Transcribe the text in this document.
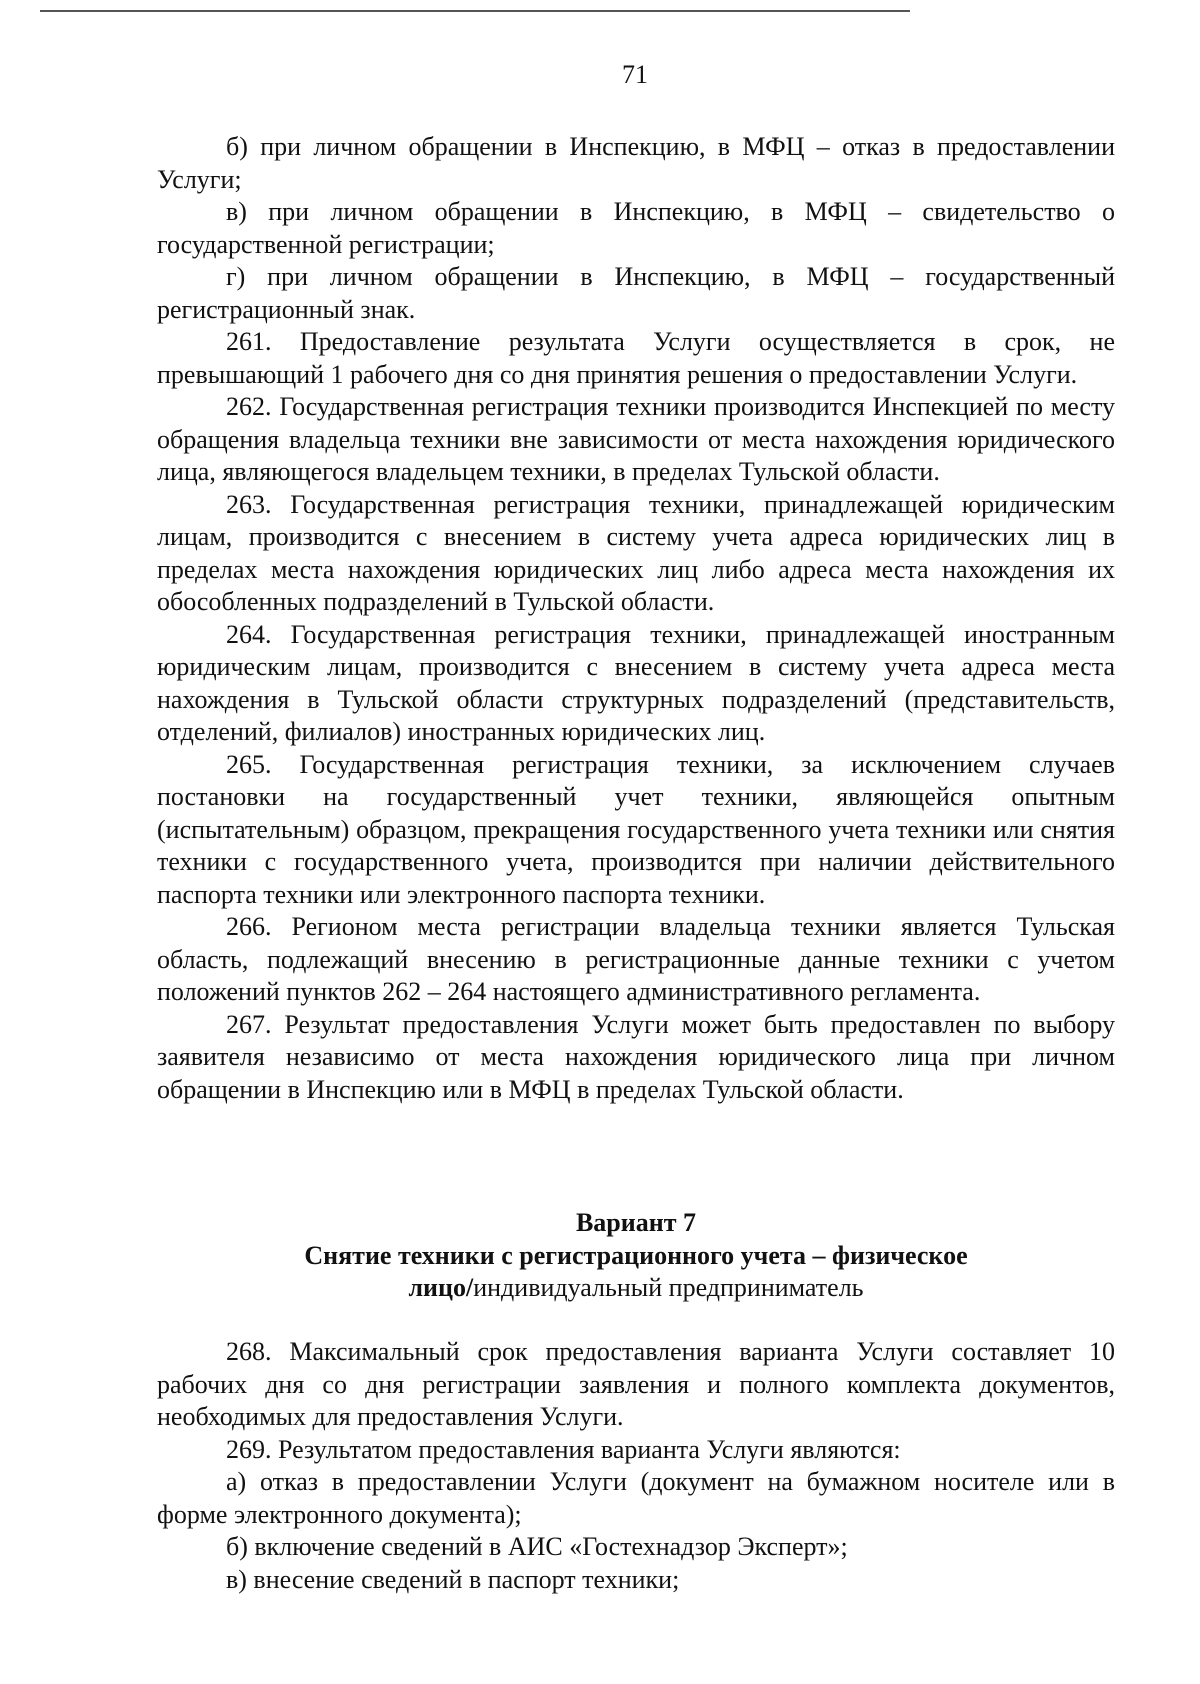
71

б) при личном обращении в Инспекцию, в МФЦ – отказ в предоставлении Услуги;

в) при личном обращении в Инспекцию, в МФЦ – свидетельство о государственной регистрации;

г) при личном обращении в Инспекцию, в МФЦ – государственный регистрационный знак.

261. Предоставление результата Услуги осуществляется в срок, не превышающий 1 рабочего дня со дня принятия решения о предоставлении Услуги.

262. Государственная регистрация техники производится Инспекцией по месту обращения владельца техники вне зависимости от места нахождения юридического лица, являющегося владельцем техники, в пределах Тульской области.

263. Государственная регистрация техники, принадлежащей юридическим лицам, производится с внесением в систему учета адреса юридических лиц в пределах места нахождения юридических лиц либо адреса места нахождения их обособленных подразделений в Тульской области.

264. Государственная регистрация техники, принадлежащей иностранным юридическим лицам, производится с внесением в систему учета адреса места нахождения в Тульской области структурных подразделений (представительств, отделений, филиалов) иностранных юридических лиц.

265. Государственная регистрация техники, за исключением случаев постановки на государственный учет техники, являющейся опытным (испытательным) образцом, прекращения государственного учета техники или снятия техники с государственного учета, производится при наличии действительного паспорта техники или электронного паспорта техники.

266. Регионом места регистрации владельца техники является Тульская область, подлежащий внесению в регистрационные данные техники с учетом положений пунктов 262 – 264 настоящего административного регламента.

267. Результат предоставления Услуги может быть предоставлен по выбору заявителя независимо от места нахождения юридического лица при личном обращении в Инспекцию или в МФЦ в пределах Тульской области.

Вариант 7
Снятие техники с регистрационного учета – физическое
лицо/индивидуальный предприниматель

268. Максимальный срок предоставления варианта Услуги составляет 10 рабочих дня со дня регистрации заявления и полного комплекта документов, необходимых для предоставления Услуги.

269. Результатом предоставления варианта Услуги являются:

а) отказ в предоставлении Услуги (документ на бумажном носителе или в форме электронного документа);

б) включение сведений в АИС «Гостехнадзор Эксперт»;

в) внесение сведений в паспорт техники;
